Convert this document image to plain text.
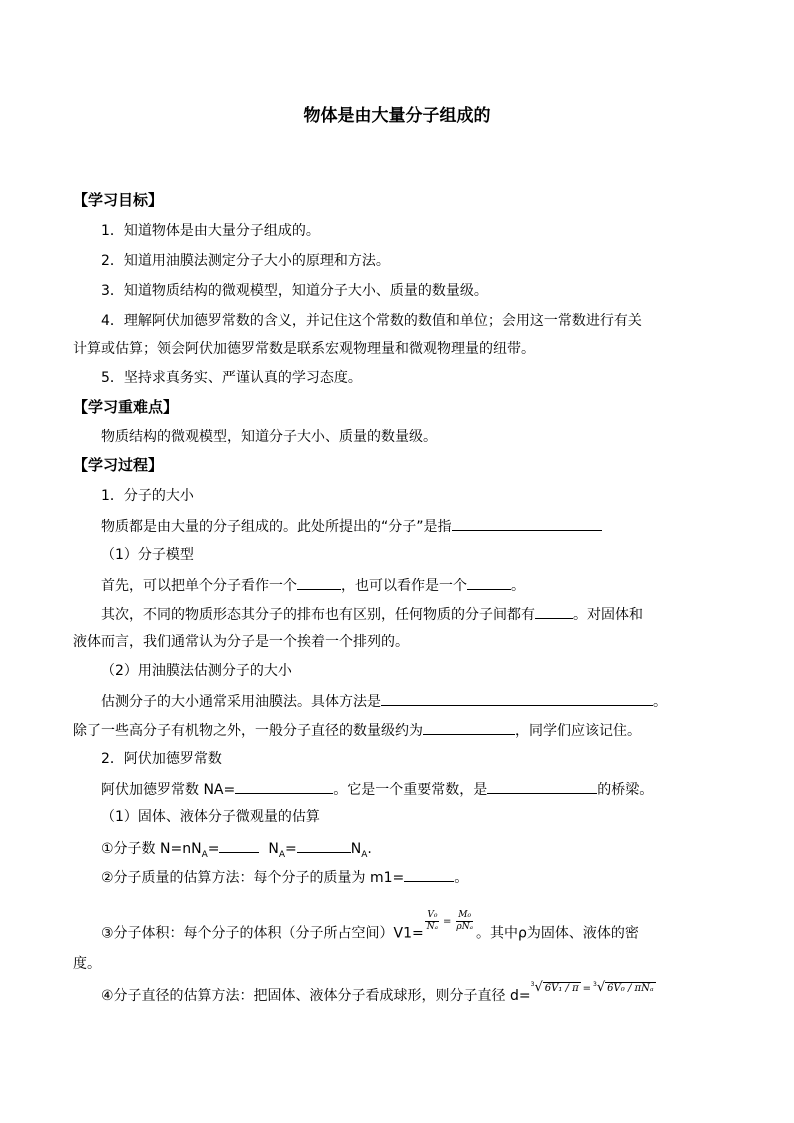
物体是由大量分子组成的
【学习目标】
1．知道物体是由大量分子组成的。
2．知道用油膜法测定分子大小的原理和方法。
3．知道物质结构的微观模型，知道分子大小、质量的数量级。
4．理解阿伏加德罗常数的含义，并记住这个常数的数值和单位；会用这一常数进行有关
计算或估算；领会阿伏加德罗常数是联系宏观物理量和微观物理量的纽带。
5．坚持求真务实、严谨认真的学习态度。
【学习重难点】
物质结构的微观模型，知道分子大小、质量的数量级。
【学习过程】
1．分子的大小
物质都是由大量的分子组成的。此处所提出的“分子”是指
（1）分子模型
首先，可以把单个分子看作一个	，也可以看作是一个	。
其次，不同的物质形态其分子的排布也有区别，任何物质的分子间都有	。对固体和
液体而言，我们通常认为分子是一个挨着一个排列的。
（2）用油膜法估测分子的大小
估测分子的大小通常采用油膜法。具体方法是	。
除了一些高分子有机物之外，一般分子直径的数量级约为	，同学们应该记住。
2．阿伏加德罗常数
阿伏加德罗常数 NA=	。它是一个重要常数，是	的桥梁。
（1）固体、液体分子微观量的估算
①分子数 $N=nN_A=$	$N_A=$	$N_A$.
②分子质量的估算方法：每个分子的质量为 m1=	。
③分子体积：每个分子的体积（分子所占空间）V1=
$\frac{\text{V₀}}{\text{Nₐ}} ^= \frac{\text{M₀}}{\text{ρNₐ}}$
。其中ρ为固体、液体的密
度。
④分子直径的估算方法：把固体、液体分子看成球形，则分子直径 d=$^3$√ 6V₁ / π = $^3$√ 6V₀ / πNₐ
